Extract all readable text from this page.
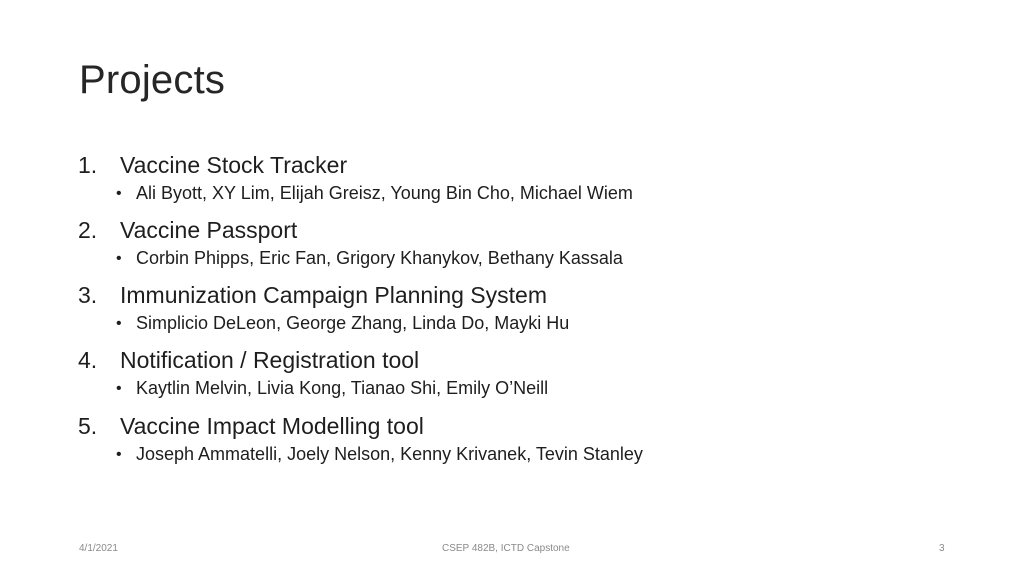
Projects
1. Vaccine Stock Tracker
• Ali Byott, XY Lim, Elijah Greisz, Young Bin Cho, Michael Wiem
2. Vaccine Passport
• Corbin Phipps, Eric Fan, Grigory Khanykov, Bethany Kassala
3. Immunization Campaign Planning System
• Simplicio DeLeon, George Zhang, Linda Do, Mayki Hu
4. Notification / Registration tool
• Kaytlin Melvin, Livia Kong, Tianao Shi, Emily O’Neill
5. Vaccine Impact Modelling tool
• Joseph Ammatelli, Joely Nelson, Kenny Krivanek, Tevin Stanley
4/1/2021	CSEP 482B, ICTD Capstone	3
